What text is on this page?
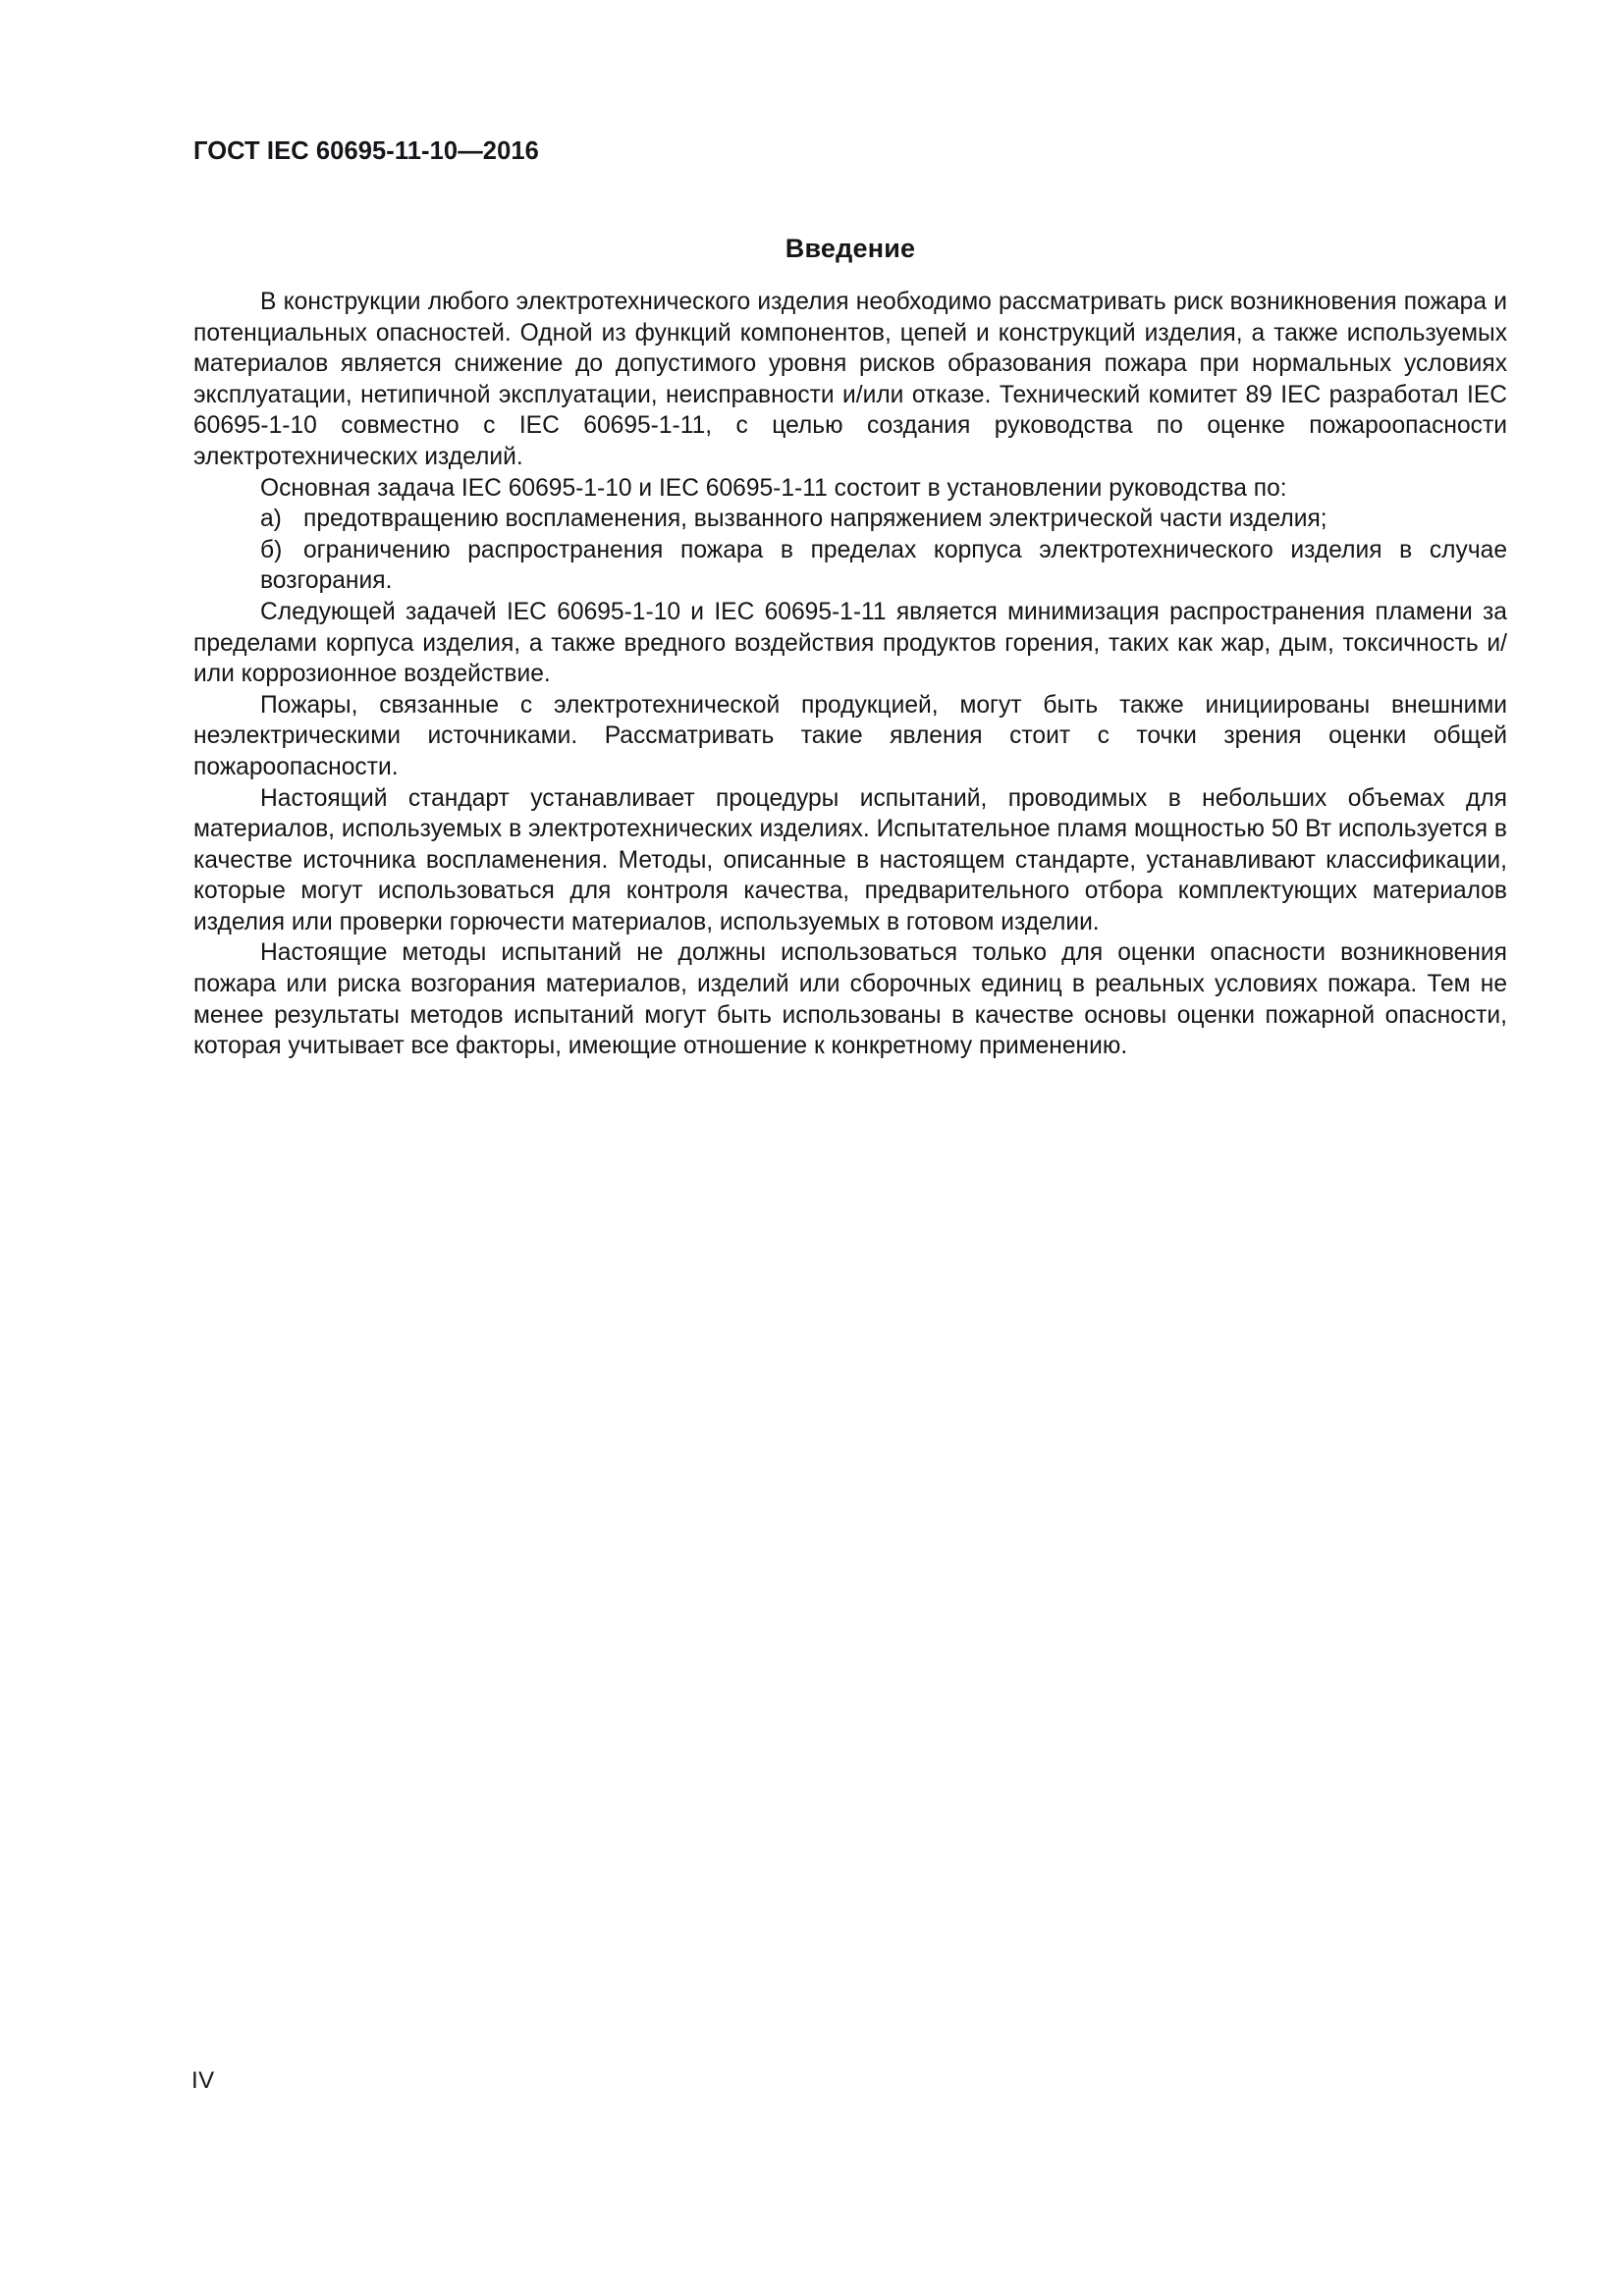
ГОСТ IEC 60695-11-10—2016
Введение

В конструкции любого электротехнического изделия необходимо рассматривать риск возникновения пожара и потенциальных опасностей. Одной из функций компонентов, цепей и конструкций изделия, а также используемых материалов является снижение до допустимого уровня рисков образования пожара при нормальных условиях эксплуатации, нетипичной эксплуатации, неисправности и/или отказе. Технический комитет 89 IEC разработал IEC 60695-1-10 совместно с IEC 60695-1-11, с целью создания руководства по оценке пожароопасности электротехнических изделий.

Основная задача IEC 60695-1-10 и IEC 60695-1-11 состоит в установлении руководства по:

а) предотвращению воспламенения, вызванного напряжением электрической части изделия;

б) ограничению распространения пожара в пределах корпуса электротехнического изделия в случае возгорания.

Следующей задачей IEC 60695-1-10 и IEC 60695-1-11 является минимизация распространения пламени за пределами корпуса изделия, а также вредного воздействия продуктов горения, таких как жар, дым, токсичность и/или коррозионное воздействие.

Пожары, связанные с электротехнической продукцией, могут быть также инициированы внешними неэлектрическими источниками. Рассматривать такие явления стоит с точки зрения оценки общей пожароопасности.

Настоящий стандарт устанавливает процедуры испытаний, проводимых в небольших объемах для материалов, используемых в электротехнических изделиях. Испытательное пламя мощностью 50 Вт используется в качестве источника воспламенения. Методы, описанные в настоящем стандарте, устанавливают классификации, которые могут использоваться для контроля качества, предварительного отбора комплектующих материалов изделия или проверки горючести материалов, используемых в готовом изделии.

Настоящие методы испытаний не должны использоваться только для оценки опасности возникновения пожара или риска возгорания материалов, изделий или сборочных единиц в реальных условиях пожара. Тем не менее результаты методов испытаний могут быть использованы в качестве основы оценки пожарной опасности, которая учитывает все факторы, имеющие отношение к конкретному применению.

IV
